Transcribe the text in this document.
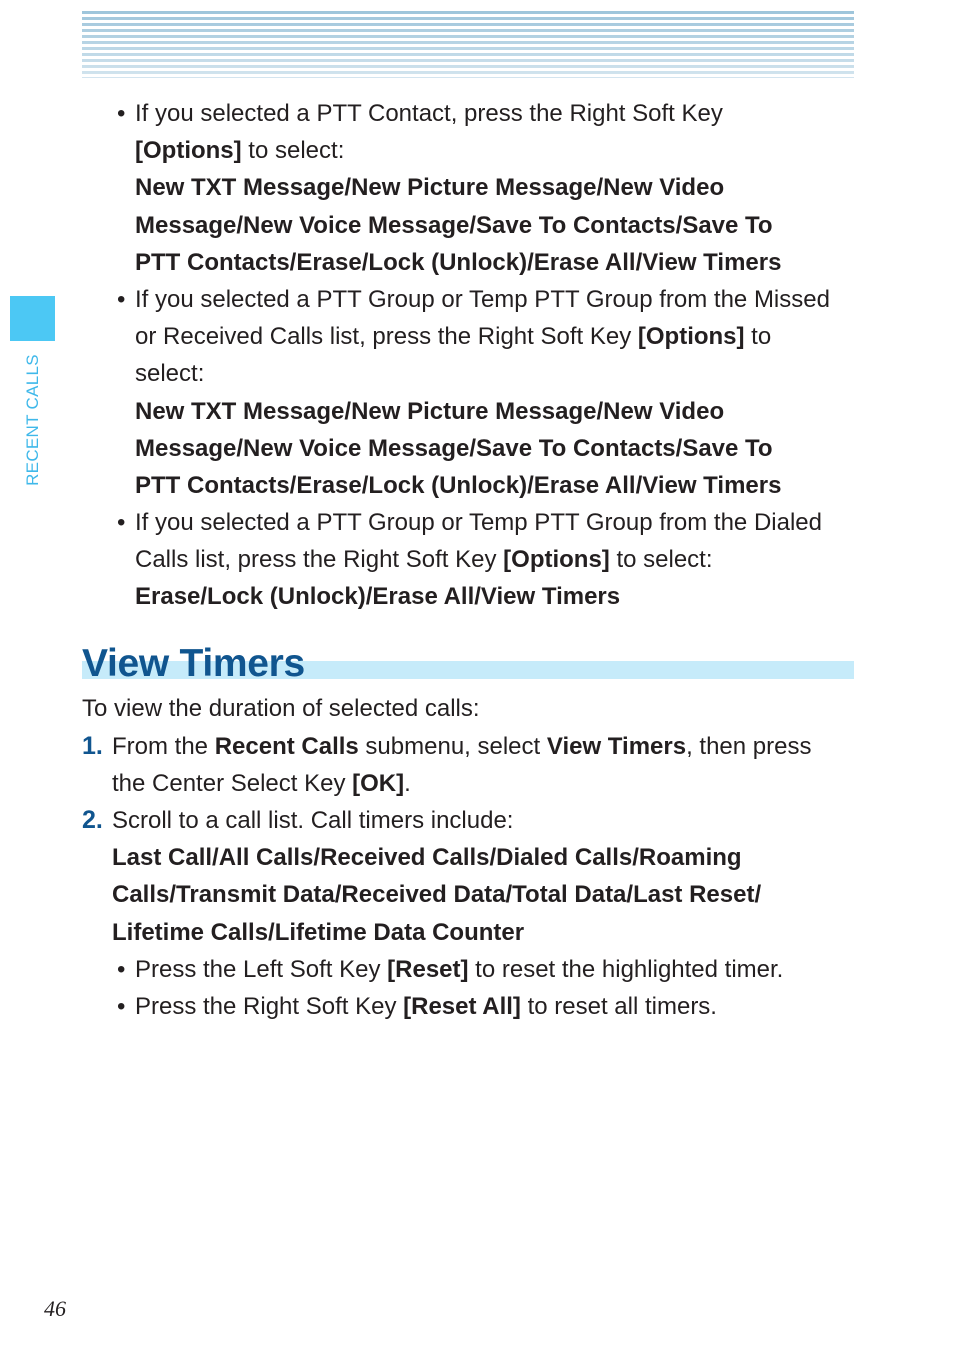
RECENT CALLS
• If you selected a PTT Contact, press the Right Soft Key
[Options] to select:
New TXT Message/New Picture Message/New Video
Message/New Voice Message/Save To Contacts/Save To
PTT Contacts/Erase/Lock (Unlock)/Erase All/View Timers
• If you selected a PTT Group or Temp PTT Group from the Missed
or Received Calls list, press the Right Soft Key [Options] to
select:
New TXT Message/New Picture Message/New Video
Message/New Voice Message/Save To Contacts/Save To
PTT Contacts/Erase/Lock (Unlock)/Erase All/View Timers
• If you selected a PTT Group or Temp PTT Group from the Dialed
Calls list, press the Right Soft Key [Options] to select:
Erase/Lock (Unlock)/Erase All/View Timers
View Timers
To view the duration of selected calls:
1. From the Recent Calls submenu, select View Timers, then press
the Center Select Key [OK].
2. Scroll to a call list. Call timers include:
Last Call/All Calls/Received Calls/Dialed Calls/Roaming
Calls/Transmit Data/Received Data/Total Data/Last Reset/
Lifetime Calls/Lifetime Data Counter
• Press the Left Soft Key [Reset] to reset the highlighted timer.
• Press the Right Soft Key [Reset All] to reset all timers.
46
